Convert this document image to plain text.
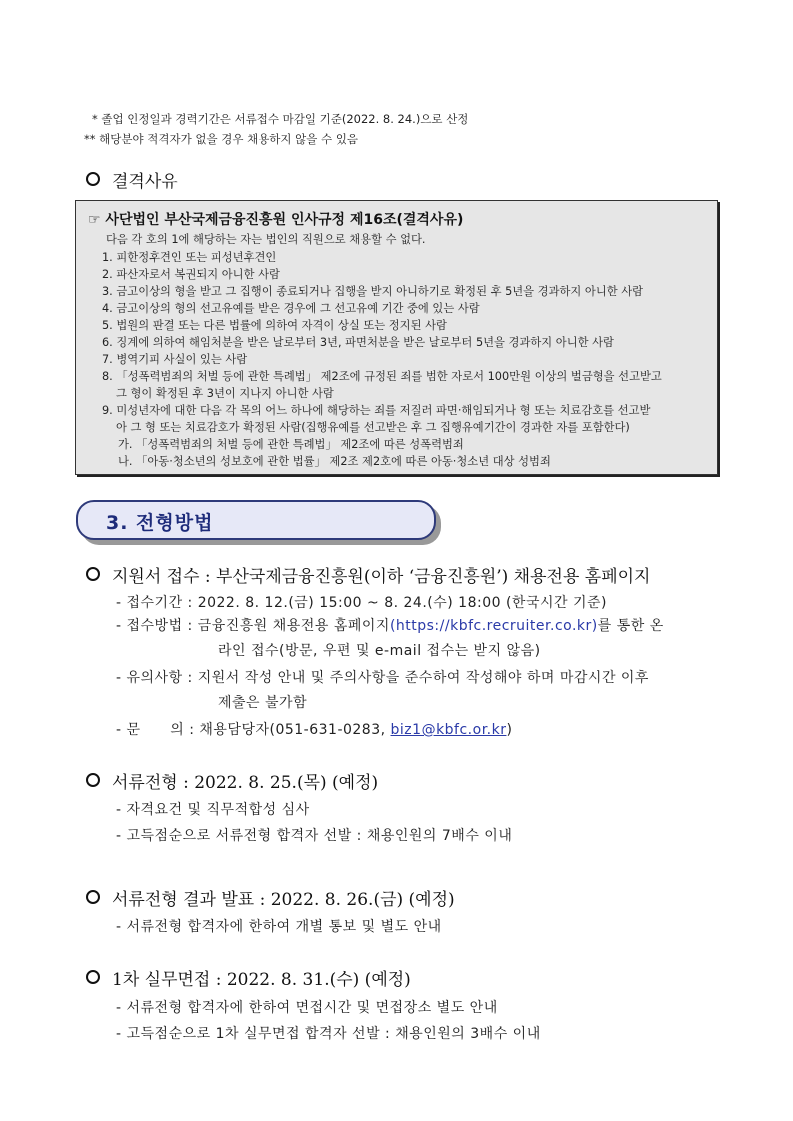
* 졸업 인정일과 경력기간은 서류접수 마감일 기준(2022. 8. 24.)으로 산정
** 해당분야 적격자가 없을 경우 채용하지 않을 수 있음
결격사유
☞ 사단법인 부산국제금융진흥원 인사규정 제16조(결격사유)
다음 각 호의 1에 해당하는 자는 법인의 직원으로 채용할 수 없다.
1. 피한정후견인 또는 피성년후견인
2. 파산자로서 복권되지 아니한 사람
3. 금고이상의 형을 받고 그 집행이 종료되거나 집행을 받지 아니하기로 확정된 후 5년을 경과하지 아니한 사람
4. 금고이상의 형의 선고유예를 받은 경우에 그 선고유예 기간 중에 있는 사람
5. 법원의 판결 또는 다른 법률에 의하여 자격이 상실 또는 정지된 사람
6. 징계에 의하여 해임처분을 받은 날로부터 3년, 파면처분을 받은 날로부터 5년을 경과하지 아니한 사람
7. 병역기피 사실이 있는 사람
8. 「성폭력범죄의 처벌 등에 관한 특례법」 제2조에 규정된 죄를 범한 자로서 100만원 이상의 벌금형을 선고받고
그 형이 확정된 후 3년이 지나지 아니한 사람
9. 미성년자에 대한 다음 각 목의 어느 하나에 해당하는 죄를 저질러 파면·해임되거나 형 또는 치료감호를 선고받
아 그 형 또는 치료감호가 확정된 사람(집행유예를 선고받은 후 그 집행유예기간이 경과한 자를 포함한다)
가. 「성폭력범죄의 처벌 등에 관한 특례법」 제2조에 따른 성폭력범죄
나. 「아동·청소년의 성보호에 관한 법률」 제2조 제2호에 따른 아동·청소년 대상 성범죄
3. 전형방법
지원서 접수 : 부산국제금융진흥원(이하 ‘금융진흥원’) 채용전용 홈페이지
- 접수기간 : 2022. 8. 12.(금) 15:00 ~ 8. 24.(수) 18:00 (한국시간 기준)
- 접수방법 : 금융진흥원 채용전용 홈페이지(https://kbfc.recruiter.co.kr)를 통한 온
라인 접수(방문, 우편 및 e-mail 접수는 받지 않음)
- 유의사항 : 지원서 작성 안내 및 주의사항을 준수하여 작성해야 하며 마감시간 이후
제출은 불가함
- 문      의 : 채용담당자(051-631-0283, biz1@kbfc.or.kr)
서류전형 : 2022. 8. 25.(목) (예정)
- 자격요건 및 직무적합성 심사
- 고득점순으로 서류전형 합격자 선발 : 채용인원의 7배수 이내
서류전형 결과 발표 : 2022. 8. 26.(금) (예정)
- 서류전형 합격자에 한하여 개별 통보 및 별도 안내
1차 실무면접 : 2022. 8. 31.(수) (예정)
- 서류전형 합격자에 한하여 면접시간 및 면접장소 별도 안내
- 고득점순으로 1차 실무면접 합격자 선발 : 채용인원의 3배수 이내
